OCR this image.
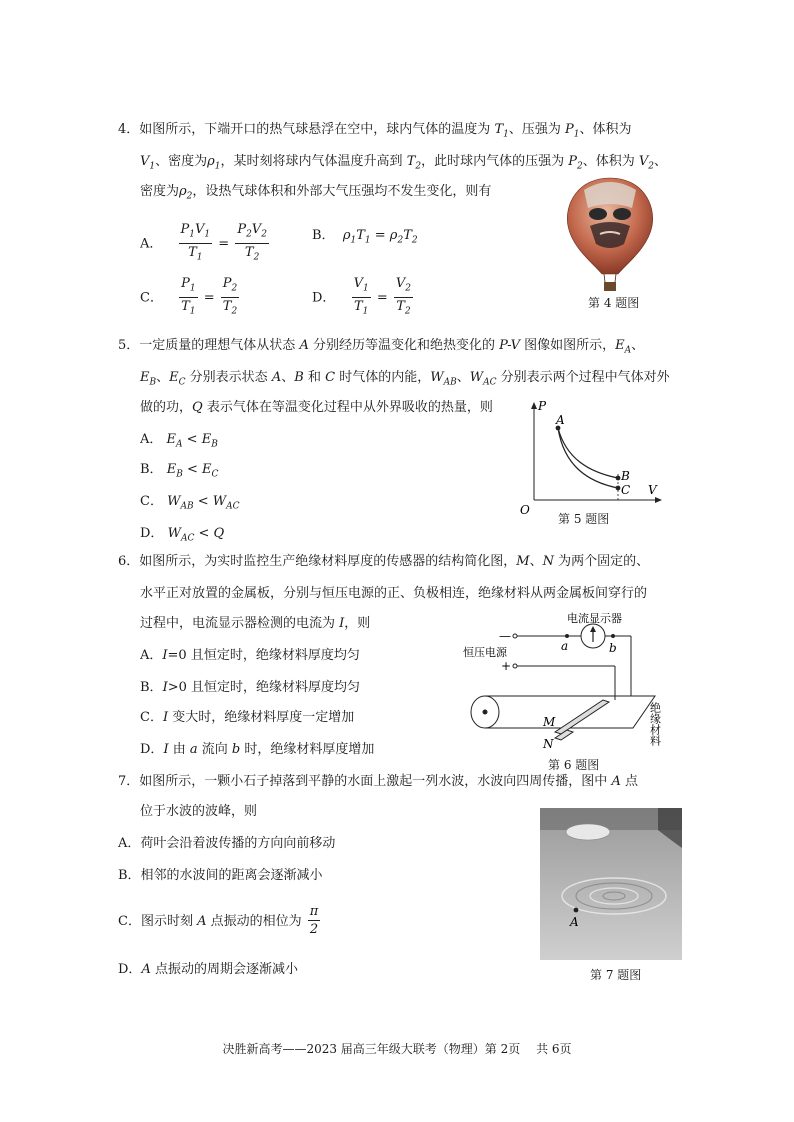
4．如图所示，下端开口的热气球悬浮在空中，球内气体的温度为 $T_1$、压强为 $P_1$、体积为
$V_1$、密度为$\rho_1$，某时刻将球内气体温度升高到 $T_2$，此时球内气体的压强为 $P_2$、体积为 $V_2$、
密度为$\rho_2$，设热气球体积和外部大气压强均不发生变化，则有
A． $\frac{P_1V_1}{T_1} = \frac{P_2V_2}{T_2}$	B． $\rho_1T_1 = \rho_2T_2$
C． $\frac{P_1}{T_1} = \frac{P_2}{T_2}$	D． $\frac{V_1}{T_1} = \frac{V_2}{T_2}$	第 4 题图
5．一定质量的理想气体从状态 A 分别经历等温变化和绝热变化的 P-V 图像如图所示，$E_A$、
$E_B$、$E_C$ 分别表示状态 A、B 和 C 时气体的内能，$W_{AB}$、$W_{AC}$ 分别表示两个过程中气体对外
做的功，Q 表示气体在等温变化过程中从外界吸收的热量，则
A． $E_A < E_B$
B． $E_B < E_C$
C． $W_{AB} < W_{AC}$
D． $W_{AC} < Q$
P
V
O
A
B
C
第 5 题图
6．如图所示，为实时监控生产绝缘材料厚度的传感器的结构简化图，M、N 为两个固定的、
水平正对放置的金属板，分别与恒压电源的正、负极相连，绝缘材料从两金属板间穿行的
过程中，电流显示器检测的电流为 I，则
A．I=0 且恒定时，绝缘材料厚度均匀
B．I>0 且恒定时，绝缘材料厚度均匀
C．I 变大时，绝缘材料厚度一定增加
D．I 由 a 流向 b 时，绝缘材料厚度增加
电流显示器
恒压电源	a	b
—
+
M
N	绝缘材料
第 6 题图
7．如图所示，一颗小石子掉落到平静的水面上激起一列水波，水波向四周传播，图中 A 点
位于水波的波峰，则
A．荷叶会沿着波传播的方向向前移动
B．相邻的水波间的距离会逐渐减小
C．图示时刻 A 点振动的相位为 $\frac{\pi}{2}$
D．A 点振动的周期会逐渐减小
A
第 7 题图
决胜新高考——2023 届高三年级大联考（物理）第 2页　 共 6页
